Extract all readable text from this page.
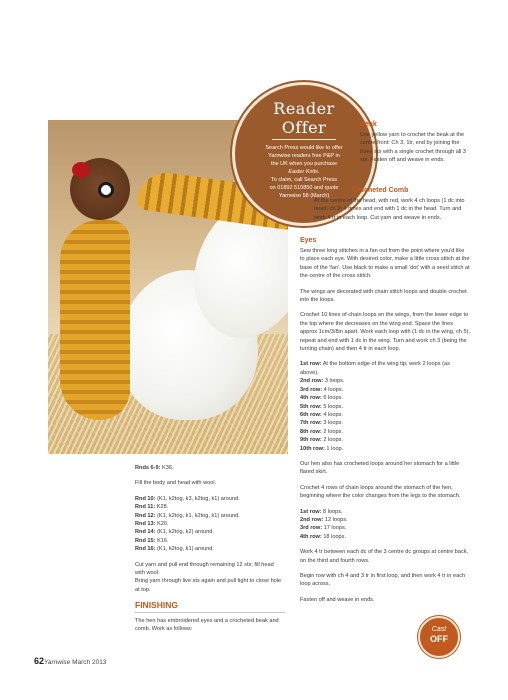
Reader Offer
Search Press would like to offer
Yarnwise readers free P&P in
the UK when you purchase
Easter Knits.
To claim, call Search Press
on 01892 510850 and quote
Yarnwise 58 (March)
Beak

Use yellow yarn to crochet the beak at the centre front: Ch 3, 1tr, end by joining the three sts with a single crochet through all 3 sts. Fasten off and weave in ends.

Crocheted Comb

At the centre of the head, with red, work 4 ch loops (1 dc into head, ch 3) 4 times and end with 1 dc in the head. Turn and work 4 tr in each loop. Cut yarn and weave in ends.

Eyes

Sew three long stitches in a fan out from the point where you'd like to place each eye. With desired color, make a little cross stitch at the base of the 'fan'. Use black to make a small 'dot' with a seed stitch at the centre of the cross stitch.

The wings are decorated with chain stitch loops and double crochet into the loops.

Crochet 10 lines of chain loops on the wings, from the lower edge to the top where the decreases on the wing end. Space the lines approx 1cm/3/8in apart. Work each loop with (1 dc in the wing, ch 5), repeat and end with 1 dc in the wing. Turn and work ch 3 (being the turning chain) and then 4 tr in each loop.

1st row: At the bottom edge of the wing tip, work 2 loops (as above).
2nd row: 3 loops.
3rd row: 4 loops.
4th row: 6 loops.
5th row: 5 loops.
6th row: 4 loops.
7th row: 3 loops.
8th row: 2 loops.
9th row: 2 loops.
10th row: 1 loop.

Our hen also has crocheted loops around her stomach for a little flared skirt.

Crochet 4 rows of chain loops around the stomach of the hen, beginning where the color changes from the legs to the stomach.

1st row: 8 loops.
2nd row: 12 loops.
3rd row: 17 loops.
4th row: 18 loops.

Work 4 tr between each dc of the 3 centre dc groups at centre back, on the third and fourth rows.

Begin row with ch 4 and 3 tr in first loop, and then work 4 tr in each loop across.

Fasten off and weave in ends.

Rnds 6-9: K36.

Fill the body and head with wool.

Rnd 10: (K1, k2tog, k3, k2tog, k1) around.
Rnd 11: K28.
Rnd 12: (K1, k2tog, k1, k2tog, k1) around.
Rnd 13: K20.
Rnd 14: (K1, k2tog, k2) around.
Rnd 15: K16.
Rnd 16: (K1, k2tog, k1) around.
Cut yarn and pull end through remaining 12 sts; fill head with wool.

Bring yarn through live sts again and pull tight to close hole at top.

FINISHING

The hen has embroidered eyes and a crocheted beak and comb. Work as follows:	Cast
OFF
62Yarnwise March 2013
